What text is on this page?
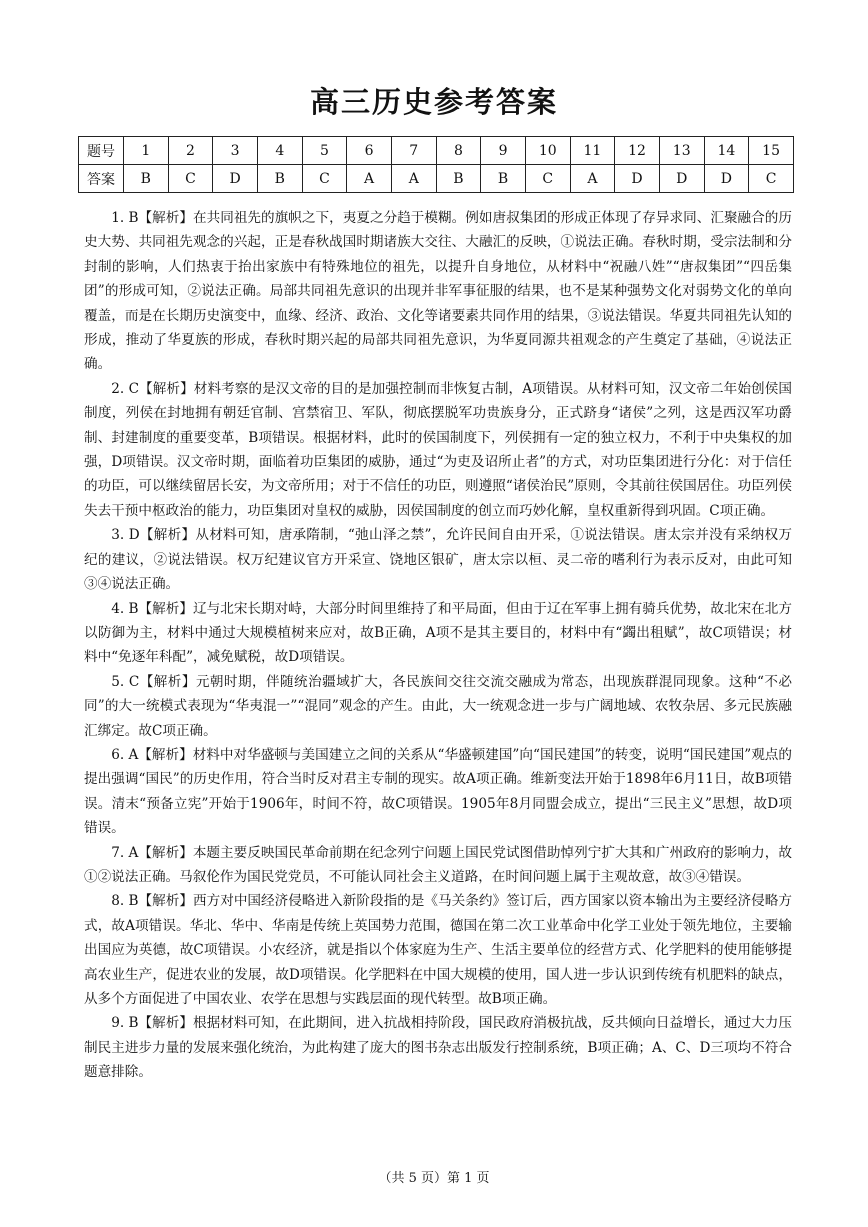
高三历史参考答案
题号	1	2	3	4	5	6	7	8	9	10	11	12	13	14	15
答案	B	C	D	B	C	A	A	B	B	C	A	D	D	D	C

1. B【解析】在共同祖先的旗帜之下，夷夏之分趋于模糊。例如唐叔集团的形成正体现了存异求同、汇聚融合的历史大势、共同祖先观念的兴起，正是春秋战国时期诸族大交往、大融汇的反映，①说法正确。春秋时期，受宗法制和分封制的影响，人们热衷于抬出家族中有特殊地位的祖先，以提升自身地位，从材料中“祝融八姓”“唐叔集团”“四岳集团”的形成可知，②说法正确。局部共同祖先意识的出现并非军事征服的结果，也不是某种强势文化对弱势文化的单向覆盖，而是在长期历史演变中，血缘、经济、政治、文化等诸要素共同作用的结果，③说法错误。华夏共同祖先认知的形成，推动了华夏族的形成，春秋时期兴起的局部共同祖先意识，为华夏同源共祖观念的产生奠定了基础，④说法正确。

2. C【解析】材料考察的是汉文帝的目的是加强控制而非恢复古制，A项错误。从材料可知，汉文帝二年始创侯国制度，列侯在封地拥有朝廷官制、宫禁宿卫、军队，彻底摆脱军功贵族身分，正式跻身“诸侯”之列，这是西汉军功爵制、封建制度的重要变革，B项错误。根据材料，此时的侯国制度下，列侯拥有一定的独立权力，不利于中央集权的加强，D项错误。汉文帝时期，面临着功臣集团的威胁，通过“为吏及诏所止者”的方式，对功臣集团进行分化：对于信任的功臣，可以继续留居长安，为文帝所用；对于不信任的功臣，则遵照“诸侯治民”原则，令其前往侯国居住。功臣列侯失去干预中枢政治的能力，功臣集团对皇权的威胁，因侯国制度的创立而巧妙化解，皇权重新得到巩固。C项正确。

3. D【解析】从材料可知，唐承隋制，“弛山泽之禁”，允许民间自由开采，①说法错误。唐太宗并没有采纳权万纪的建议，②说法错误。权万纪建议官方开采宣、饶地区银矿，唐太宗以桓、灵二帝的嗜利行为表示反对，由此可知③④说法正确。

4. B【解析】辽与北宋长期对峙，大部分时间里维持了和平局面，但由于辽在军事上拥有骑兵优势，故北宋在北方以防御为主，材料中通过大规模植树来应对，故B正确，A项不是其主要目的，材料中有“蠲出租赋”，故C项错误；材料中“免逐年科配”，减免赋税，故D项错误。

5. C【解析】元朝时期，伴随统治疆域扩大，各民族间交往交流交融成为常态，出现族群混同现象。这种“不必同”的大一统模式表现为“华夷混一”“混同”观念的产生。由此，大一统观念进一步与广阔地域、农牧杂居、多元民族融汇绑定。故C项正确。

6. A【解析】材料中对华盛顿与美国建立之间的关系从“华盛顿建国”向“国民建国”的转变，说明“国民建国”观点的提出强调“国民”的历史作用，符合当时反对君主专制的现实。故A项正确。维新变法开始于1898年6月11日，故B项错误。清末“预备立宪”开始于1906年，时间不符，故C项错误。1905年8月同盟会成立，提出“三民主义”思想，故D项错误。

7. A【解析】本题主要反映国民革命前期在纪念列宁问题上国民党试图借助悼列宁扩大其和广州政府的影响力，故①②说法正确。马叙伦作为国民党党员，不可能认同社会主义道路，在时间问题上属于主观故意，故③④错误。

8. B【解析】西方对中国经济侵略进入新阶段指的是《马关条约》签订后，西方国家以资本输出为主要经济侵略方式，故A项错误。华北、华中、华南是传统上英国势力范围，德国在第二次工业革命中化学工业处于领先地位，主要输出国应为英德，故C项错误。小农经济，就是指以个体家庭为生产、生活主要单位的经营方式、化学肥料的使用能够提高农业生产，促进农业的发展，故D项错误。化学肥料在中国大规模的使用，国人进一步认识到传统有机肥料的缺点，从多个方面促进了中国农业、农学在思想与实践层面的现代转型。故B项正确。

9. B【解析】根据材料可知，在此期间，进入抗战相持阶段，国民政府消极抗战，反共倾向日益增长，通过大力压制民主进步力量的发展来强化统治，为此构建了庞大的图书杂志出版发行控制系统，B项正确；A、C、D三项均不符合题意排除。

（共 5 页）第 1 页
